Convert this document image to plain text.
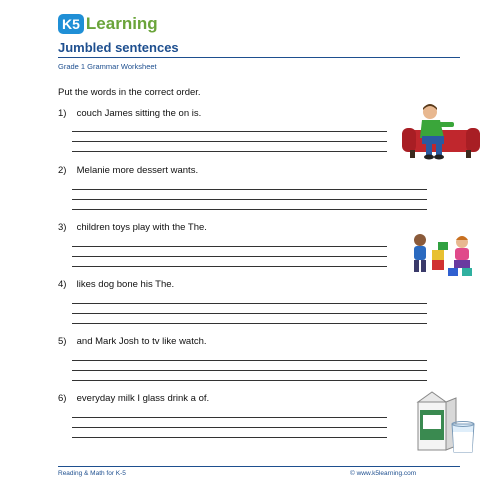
K5 Learning
Jumbled sentences
Grade 1 Grammar Worksheet
Put the words in the correct order.
1) couch James sitting the on is.
2) Melanie more dessert wants.
3) children toys play with the The.
4) likes dog bone his The.
5) and Mark Josh to tv like watch.
6) everyday milk I glass drink a of.
Reading & Math for K-5	© www.k5learning.com
